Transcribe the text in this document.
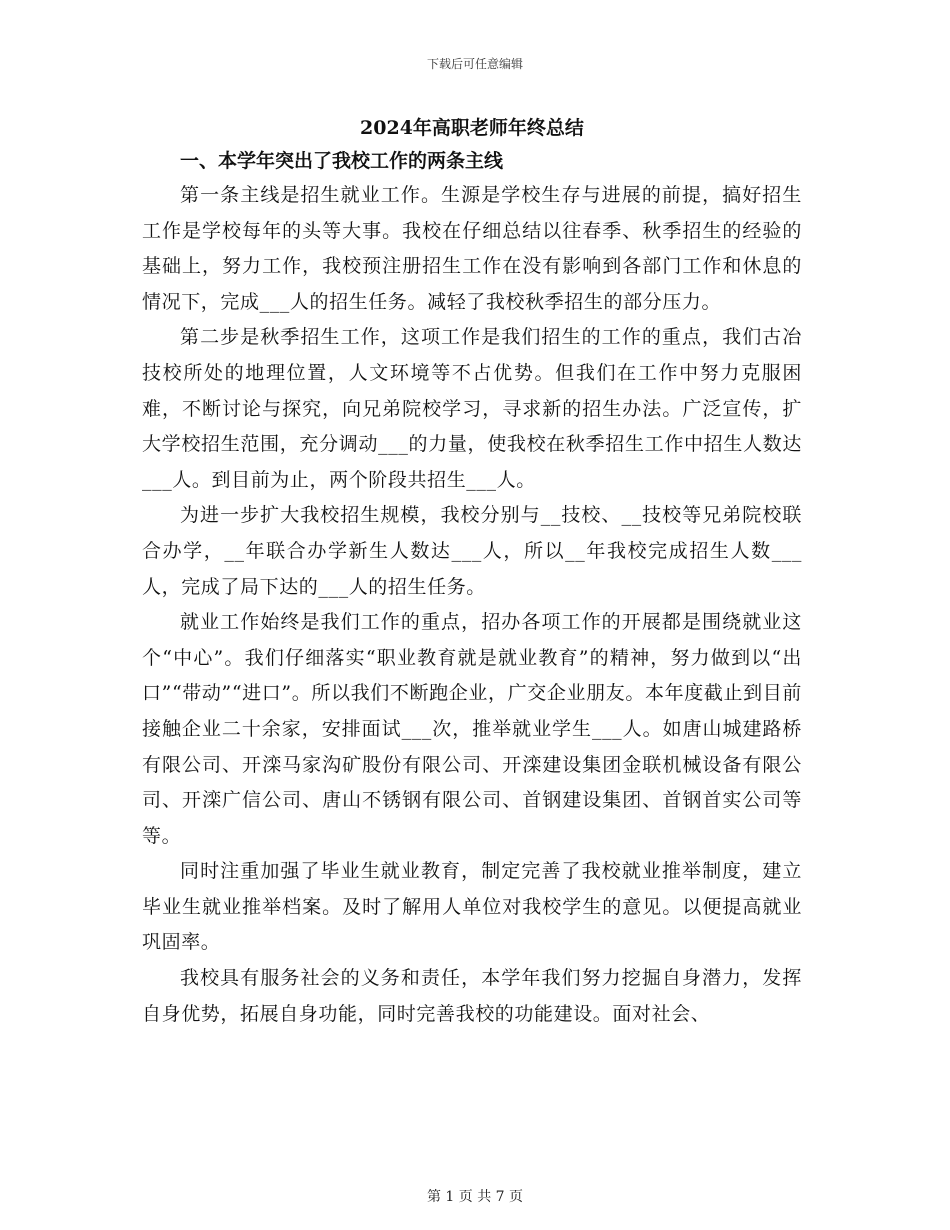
下载后可任意编辑
2024年高职老师年终总结
一、本学年突出了我校工作的两条主线

第一条主线是招生就业工作。生源是学校生存与进展的前提，搞好招生工作是学校每年的头等大事。我校在仔细总结以往春季、秋季招生的经验的基础上，努力工作，我校预注册招生工作在没有影响到各部门工作和休息的情况下，完成___人的招生任务。减轻了我校秋季招生的部分压力。

第二步是秋季招生工作，这项工作是我们招生的工作的重点，我们古冶技校所处的地理位置，人文环境等不占优势。但我们在工作中努力克服困难，不断讨论与探究，向兄弟院校学习，寻求新的招生办法。广泛宣传，扩大学校招生范围，充分调动___的力量，使我校在秋季招生工作中招生人数达___人。到目前为止，两个阶段共招生___人。

为进一步扩大我校招生规模，我校分别与__技校、__技校等兄弟院校联合办学，__年联合办学新生人数达___人，所以__年我校完成招生人数___人，完成了局下达的___人的招生任务。

就业工作始终是我们工作的重点，招办各项工作的开展都是围绕就业这个“中心”。我们仔细落实“职业教育就是就业教育”的精神，努力做到以“出口”“带动”“进口”。所以我们不断跑企业，广交企业朋友。本年度截止到目前接触企业二十余家，安排面试___次，推举就业学生___人。如唐山城建路桥有限公司、开滦马家沟矿股份有限公司、开滦建设集团金联机械设备有限公司、开滦广信公司、唐山不锈钢有限公司、首钢建设集团、首钢首实公司等等。

同时注重加强了毕业生就业教育，制定完善了我校就业推举制度，建立毕业生就业推举档案。及时了解用人单位对我校学生的意见。以便提高就业巩固率。

我校具有服务社会的义务和责任，本学年我们努力挖掘自身潜力，发挥自身优势，拓展自身功能，同时完善我校的功能建设。面对社会、

第 1 页 共 7 页
